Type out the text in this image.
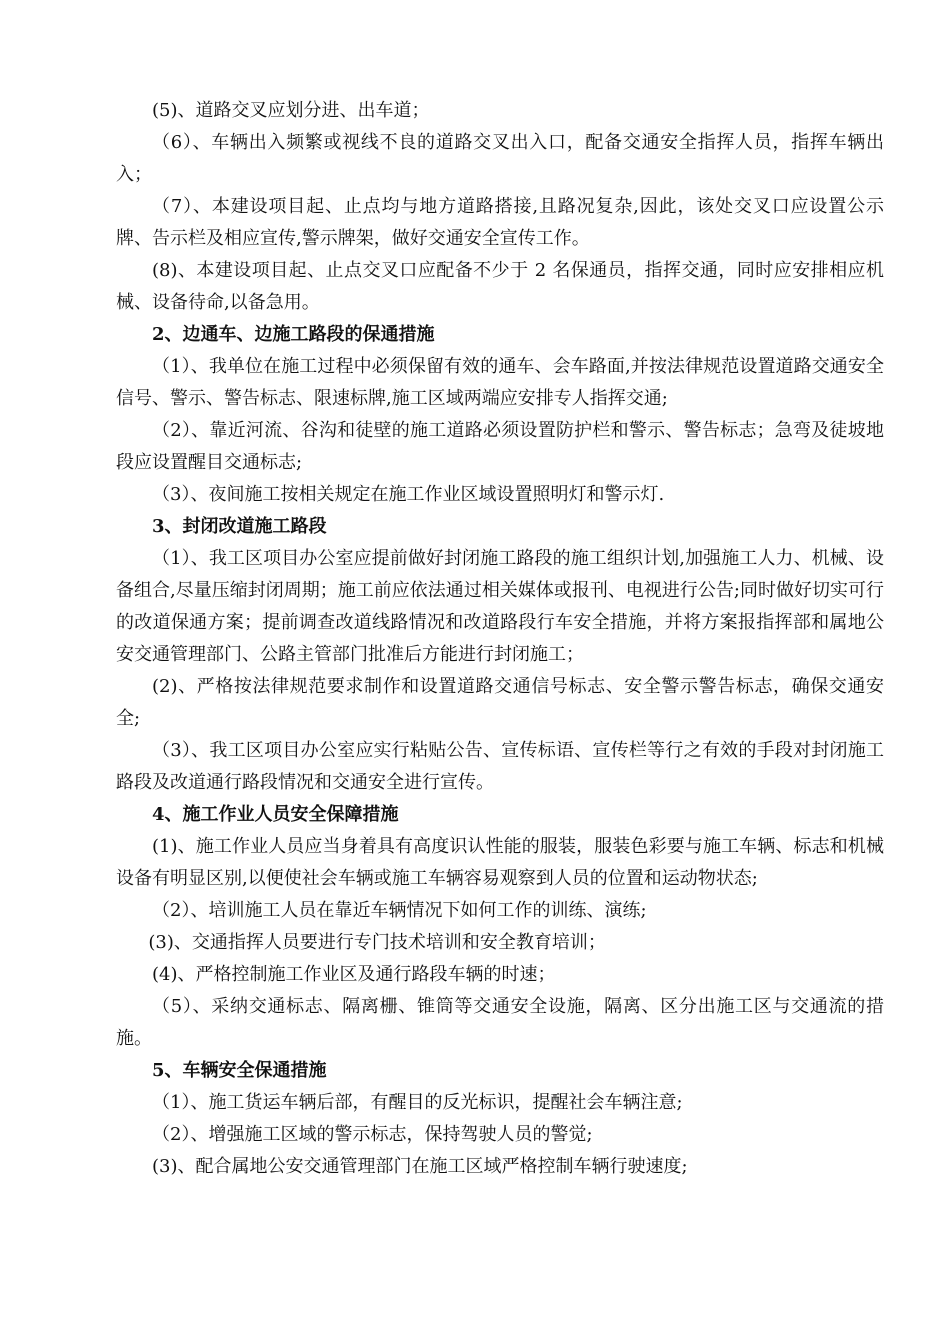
(5)、道路交叉应划分进、出车道；

（6）、车辆出入频繁或视线不良的道路交叉出入口，配备交通安全指挥人员，指挥车辆出入；

（7）、本建设项目起、止点均与地方道路搭接,且路况复杂,因此，该处交叉口应设置公示牌、告示栏及相应宣传,警示牌架，做好交通安全宣传工作。

(8)、本建设项目起、止点交叉口应配备不少于 2 名保通员，指挥交通，同时应安排相应机械、设备待命,以备急用。

2、边通车、边施工路段的保通措施

（1）、我单位在施工过程中必须保留有效的通车、会车路面,并按法律规范设置道路交通安全信号、警示、警告标志、限速标牌,施工区域两端应安排专人指挥交通;

（2）、靠近河流、谷沟和徒壁的施工道路必须设置防护栏和警示、警告标志；急弯及徒坡地段应设置醒目交通标志;

（3）、夜间施工按相关规定在施工作业区域设置照明灯和警示灯.

3、封闭改道施工路段

（1）、我工区项目办公室应提前做好封闭施工路段的施工组织计划,加强施工人力、机械、设备组合,尽量压缩封闭周期；施工前应依法通过相关媒体或报刊、电视进行公告;同时做好切实可行的改道保通方案；提前调查改道线路情况和改道路段行车安全措施，并将方案报指挥部和属地公安交通管理部门、公路主管部门批准后方能进行封闭施工；

(2)、严格按法律规范要求制作和设置道路交通信号标志、安全警示警告标志，确保交通安全;

（3）、我工区项目办公室应实行粘贴公告、宣传标语、宣传栏等行之有效的手段对封闭施工路段及改道通行路段情况和交通安全进行宣传。

4、施工作业人员安全保障措施

(1)、施工作业人员应当身着具有高度识认性能的服装，服装色彩要与施工车辆、标志和机械设备有明显区别,以便使社会车辆或施工车辆容易观察到人员的位置和运动物状态;

（2）、培训施工人员在靠近车辆情况下如何工作的训练、演练;

(3)、交通指挥人员要进行专门技术培训和安全教育培训；

(4)、严格控制施工作业区及通行路段车辆的时速；

（5）、采纳交通标志、隔离栅、锥筒等交通安全设施，隔离、区分出施工区与交通流的措施。

5、车辆安全保通措施

（1）、施工货运车辆后部，有醒目的反光标识，提醒社会车辆注意;

（2）、增强施工区域的警示标志，保持驾驶人员的警觉;

(3)、配合属地公安交通管理部门在施工区域严格控制车辆行驶速度;
